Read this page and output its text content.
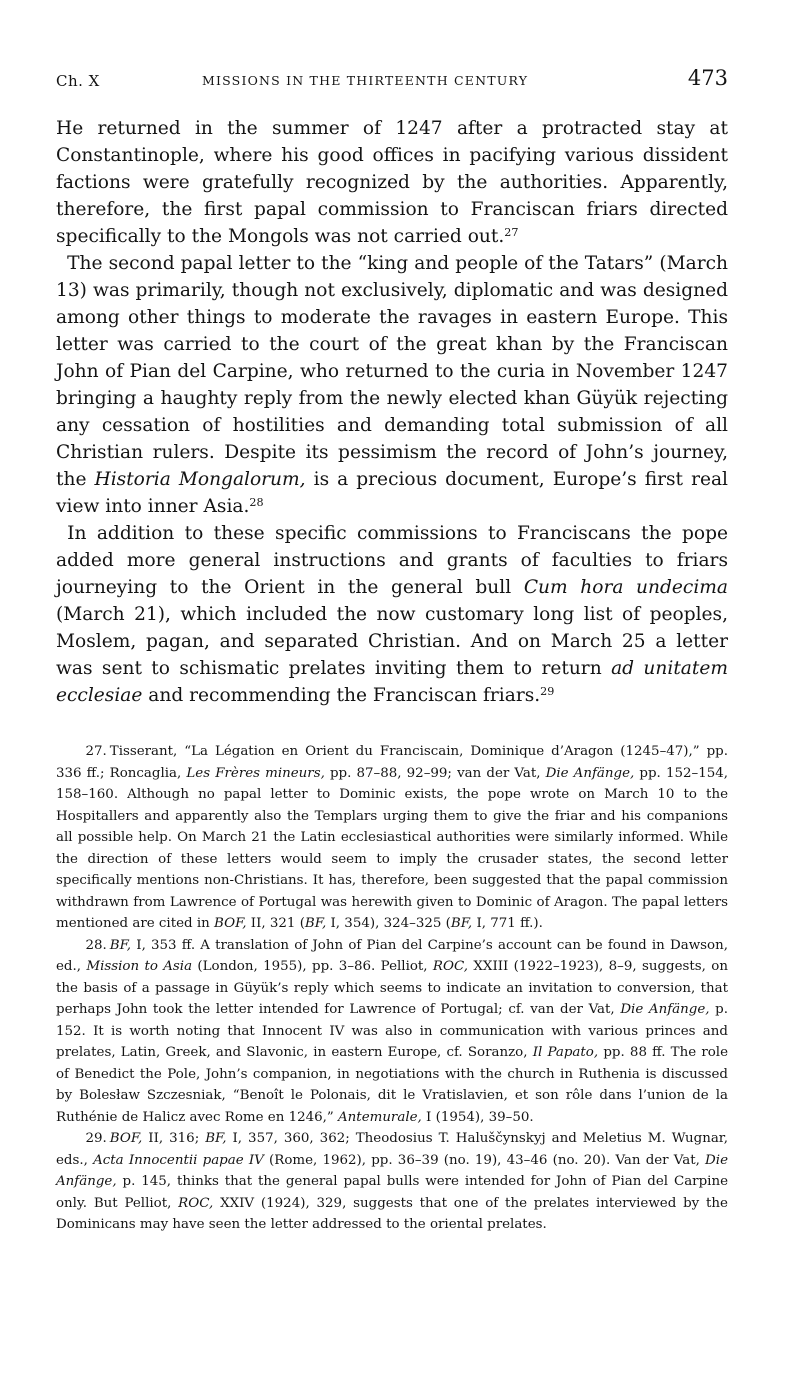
Ch. X	MISSIONS IN THE THIRTEENTH CENTURY	473

He returned in the summer of 1247 after a protracted stay at Constantinople, where his good offices in pacifying various dissident factions were gratefully recognized by the authorities. Apparently, therefore, the first papal commission to Franciscan friars directed specifically to the Mongols was not carried out.$^{27}$

The second papal letter to the “king and people of the Tatars” (March 13) was primarily, though not exclusively, diplomatic and was designed among other things to moderate the ravages in eastern Europe. This letter was carried to the court of the great khan by the Franciscan John of Pian del Carpine, who returned to the curia in November 1247 bringing a haughty reply from the newly elected khan Güyük rejecting any cessation of hostilities and demanding total submission of all Christian rulers. Despite its pessimism the record of John’s journey, the Historia Mongalorum, is a precious document, Europe’s first real view into inner Asia.$^{28}$

In addition to these specific commissions to Franciscans the pope added more general instructions and grants of faculties to friars journeying to the Orient in the general bull Cum hora undecima (March 21), which included the now customary long list of peoples, Moslem, pagan, and separated Christian. And on March 25 a letter was sent to schismatic prelates inviting them to return ad unitatem ecclesiae and recommending the Franciscan friars.$^{29}$

27. Tisserant, “La Légation en Orient du Franciscain, Dominique d’Aragon (1245–47),” pp. 336 ff.; Roncaglia, Les Frères mineurs, pp. 87–88, 92–99; van der Vat, Die Anfänge, pp. 152–154, 158–160. Although no papal letter to Dominic exists, the pope wrote on March 10 to the Hospitallers and apparently also the Templars urging them to give the friar and his companions all possible help. On March 21 the Latin ecclesiastical authorities were similarly informed. While the direction of these letters would seem to imply the crusader states, the second letter specifically mentions non-Christians. It has, therefore, been suggested that the papal commission withdrawn from Lawrence of Portugal was herewith given to Dominic of Aragon. The papal letters mentioned are cited in BOF, II, 321 (BF, I, 354), 324–325 (BF, I, 771 ff.).

28. BF, I, 353 ff. A translation of John of Pian del Carpine’s account can be found in Dawson, ed., Mission to Asia (London, 1955), pp. 3–86. Pelliot, ROC, XXIII (1922–1923), 8–9, suggests, on the basis of a passage in Güyük’s reply which seems to indicate an invitation to conversion, that perhaps John took the letter intended for Lawrence of Portugal; cf. van der Vat, Die Anfänge, p. 152. It is worth noting that Innocent IV was also in communication with various princes and prelates, Latin, Greek, and Slavonic, in eastern Europe, cf. Soranzo, Il Papato, pp. 88 ff. The role of Benedict the Pole, John’s companion, in negotiations with the church in Ruthenia is discussed by Bolesław Szczesniak, “Benoît le Polonais, dit le Vratislavien, et son rôle dans l’union de la Ruthénie de Halicz avec Rome en 1246,” Antemurale, I (1954), 39–50.

29. BOF, II, 316; BF, I, 357, 360, 362; Theodosius T. Haluščynskyj and Meletius M. Wugnar, eds., Acta Innocentii papae IV (Rome, 1962), pp. 36–39 (no. 19), 43–46 (no. 20). Van der Vat, Die Anfänge, p. 145, thinks that the general papal bulls were intended for John of Pian del Carpine only. But Pelliot, ROC, XXIV (1924), 329, suggests that one of the prelates interviewed by the Dominicans may have seen the letter addressed to the oriental prelates.
